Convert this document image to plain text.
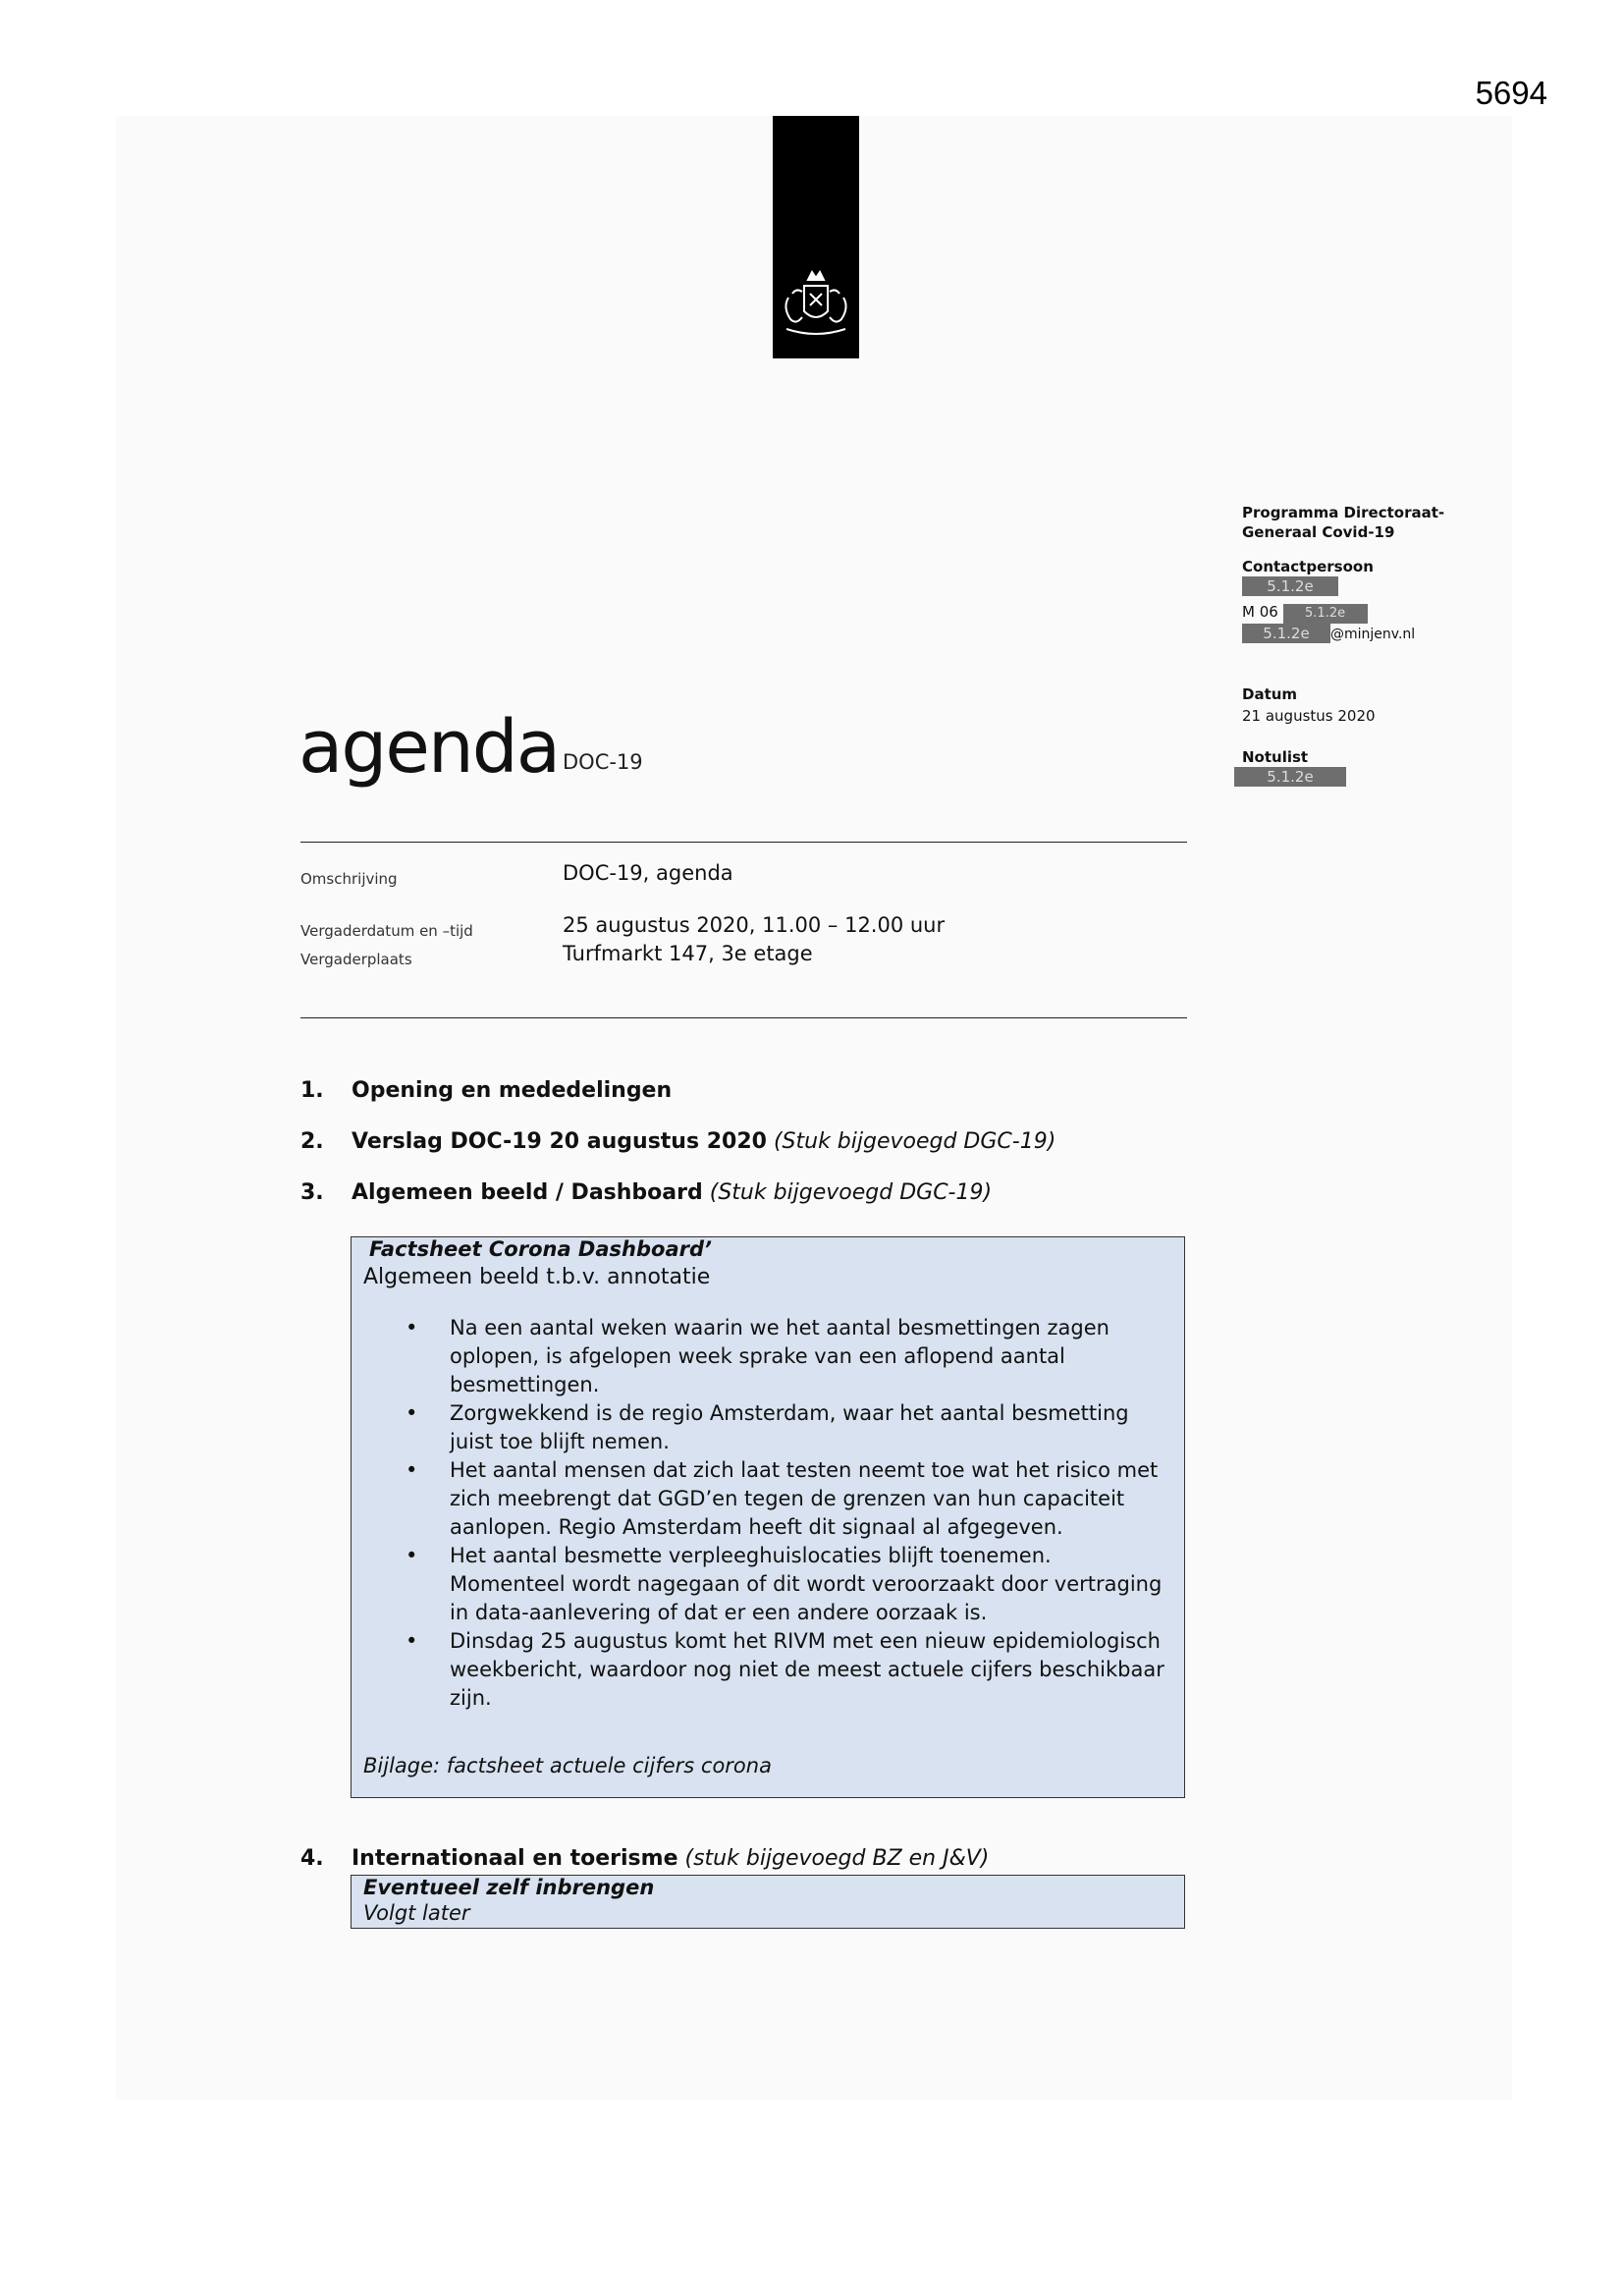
5694
agenda DOC-19
Programma Directoraat-
Generaal Covid-19
Contactpersoon
5.1.2e
M 06 5.1.2e
5.1.2e @minjenv.nl
Datum
21 augustus 2020
Notulist
5.1.2e
Omschrijving	DOC-19, agenda
Vergaderdatum en –tijd	25 augustus 2020, 11.00 – 12.00 uur
Vergaderplaats	Turfmarkt 147, 3e etage
1. Opening en mededelingen
2. Verslag DOC-19 20 augustus 2020 (Stuk bijgevoegd DGC-19)
3. Algemeen beeld / Dashboard (Stuk bijgevoegd DGC-19)
Factsheet Corona Dashboard’
Algemeen beeld t.b.v. annotatie
• Na een aantal weken waarin we het aantal besmettingen zagen oplopen, is afgelopen week sprake van een aflopend aantal besmettingen.
• Zorgwekkend is de regio Amsterdam, waar het aantal besmetting juist toe blijft nemen.
• Het aantal mensen dat zich laat testen neemt toe wat het risico met zich meebrengt dat GGD’en tegen de grenzen van hun capaciteit aanlopen. Regio Amsterdam heeft dit signaal al afgegeven.
• Het aantal besmette verpleeghuislocaties blijft toenemen. Momenteel wordt nagegaan of dit wordt veroorzaakt door vertraging in data-aanlevering of dat er een andere oorzaak is.
• Dinsdag 25 augustus komt het RIVM met een nieuw epidemiologisch weekbericht, waardoor nog niet de meest actuele cijfers beschikbaar zijn.
Bijlage: factsheet actuele cijfers corona
4. Internationaal en toerisme (stuk bijgevoegd BZ en J&V)
Eventueel zelf inbrengen
Volgt later
